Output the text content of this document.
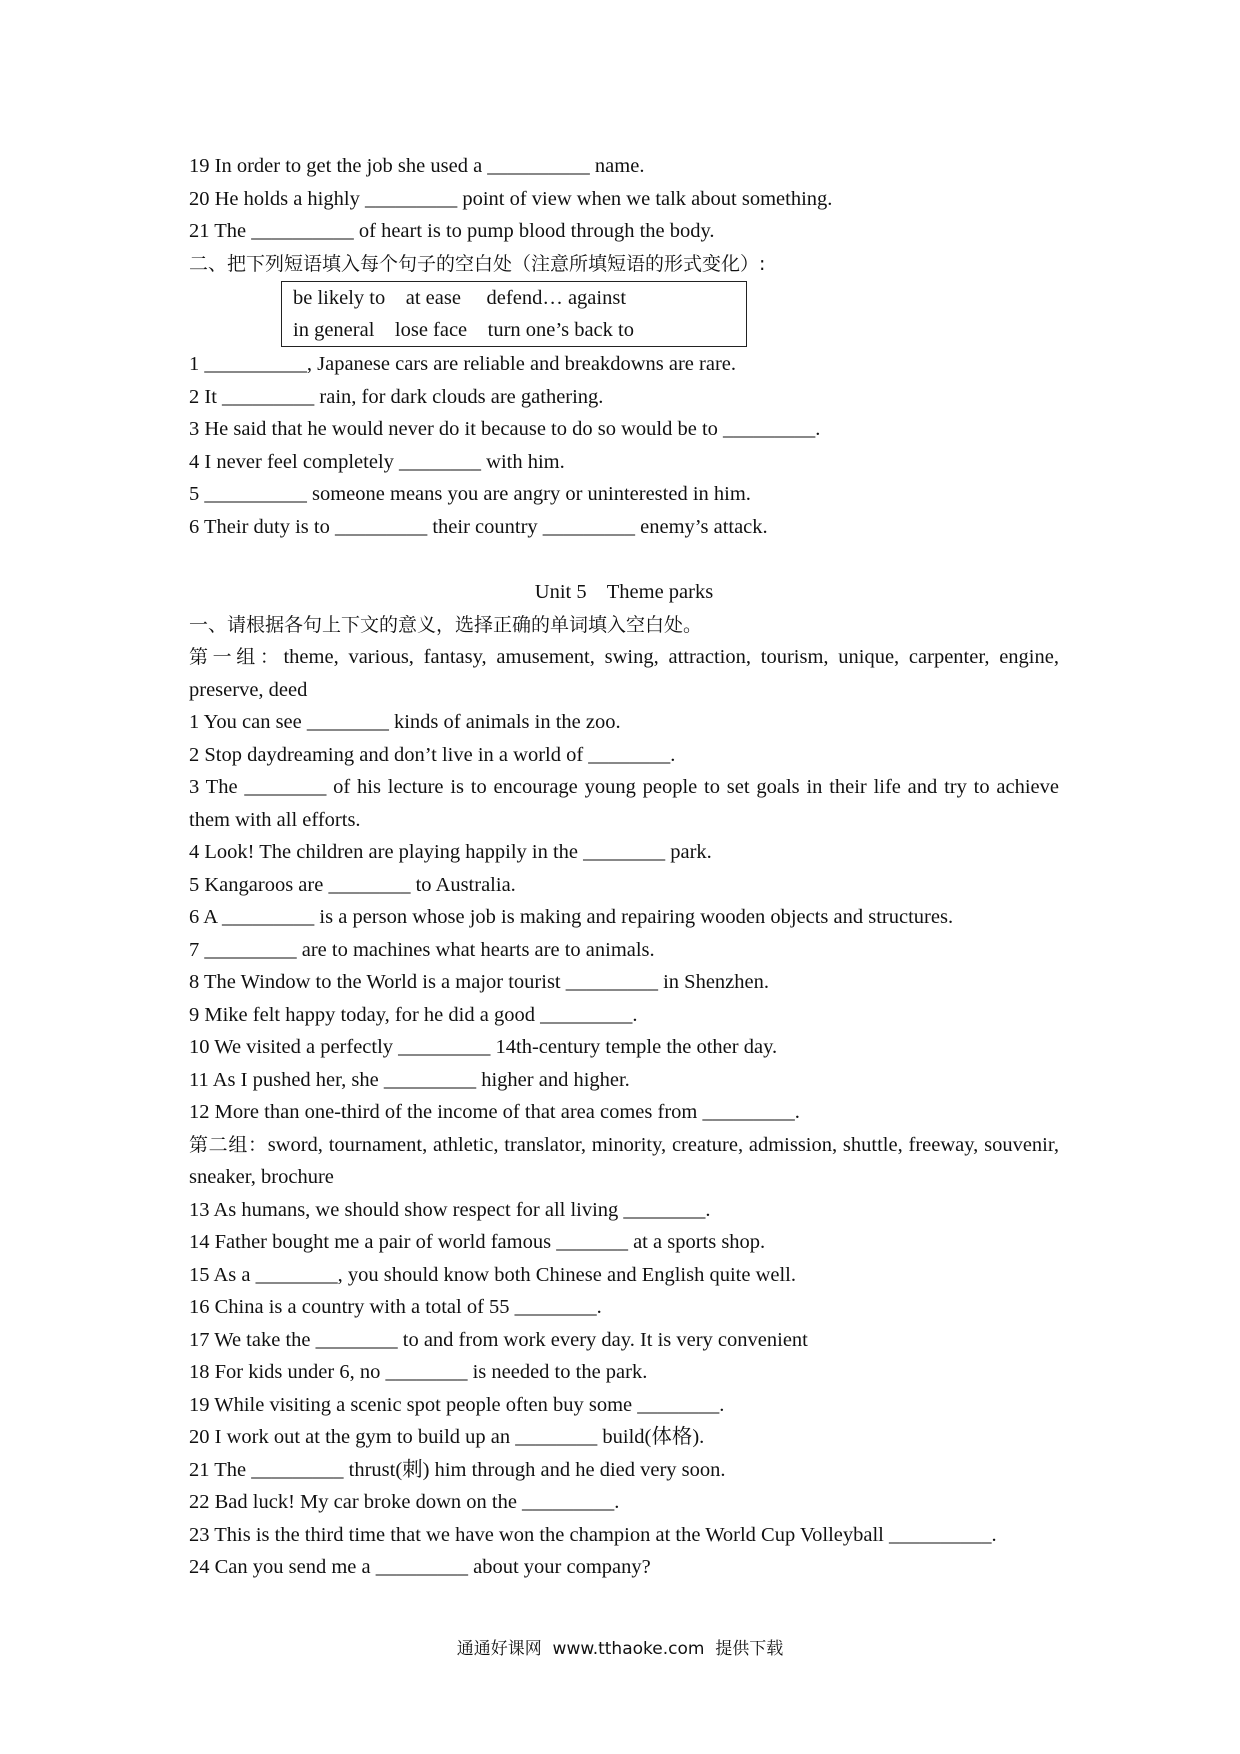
19 In order to get the job she used a __________ name.
20 He holds a highly _________ point of view when we talk about something.
21 The __________ of heart is to pump blood through the body.
二、把下列短语填入每个句子的空白处（注意所填短语的形式变化）:
be likely to    at ease     defend… against
in general    lose face    turn one’s back to
1 __________, Japanese cars are reliable and breakdowns are rare.
2 It _________ rain, for dark clouds are gathering.
3 He said that he would never do it because to do so would be to _________.
4 I never feel completely ________ with him.
5 __________ someone means you are angry or uninterested in him.
6 Their duty is to _________ their country _________ enemy’s attack.
Unit 5    Theme parks
一、请根据各句上下文的意义，选择正确的单词填入空白处。
第一组：theme, various, fantasy, amusement, swing, attraction, tourism, unique, carpenter, engine, preserve, deed
1 You can see ________ kinds of animals in the zoo.
2 Stop daydreaming and don’t live in a world of ________.
3 The ________ of his lecture is to encourage young people to set goals in their life and try to achieve them with all efforts.
4 Look! The children are playing happily in the ________ park.
5 Kangaroos are ________ to Australia.
6 A _________ is a person whose job is making and repairing wooden objects and structures.
7 _________ are to machines what hearts are to animals.
8 The Window to the World is a major tourist _________ in Shenzhen.
9 Mike felt happy today, for he did a good _________.
10 We visited a perfectly _________ 14th-century temple the other day.
11 As I pushed her, she _________ higher and higher.
12 More than one-third of the income of that area comes from _________.
第二组：sword, tournament, athletic, translator, minority, creature, admission, shuttle, freeway, souvenir, sneaker, brochure
13 As humans, we should show respect for all living ________.
14 Father bought me a pair of world famous _______ at a sports shop.
15 As a ________, you should know both Chinese and English quite well.
16 China is a country with a total of 55 ________.
17 We take the ________ to and from work every day. It is very convenient
18 For kids under 6, no ________ is needed to the park.
19 While visiting a scenic spot people often buy some ________.
20 I work out at the gym to build up an ________ build(体格).
21 The _________ thrust(刺) him through and he died very soon.
22 Bad luck! My car broke down on the _________.
23 This is the third time that we have won the champion at the World Cup Volleyball __________.
24 Can you send me a _________ about your company?
通通好课网  www.tthaoke.com  提供下载
